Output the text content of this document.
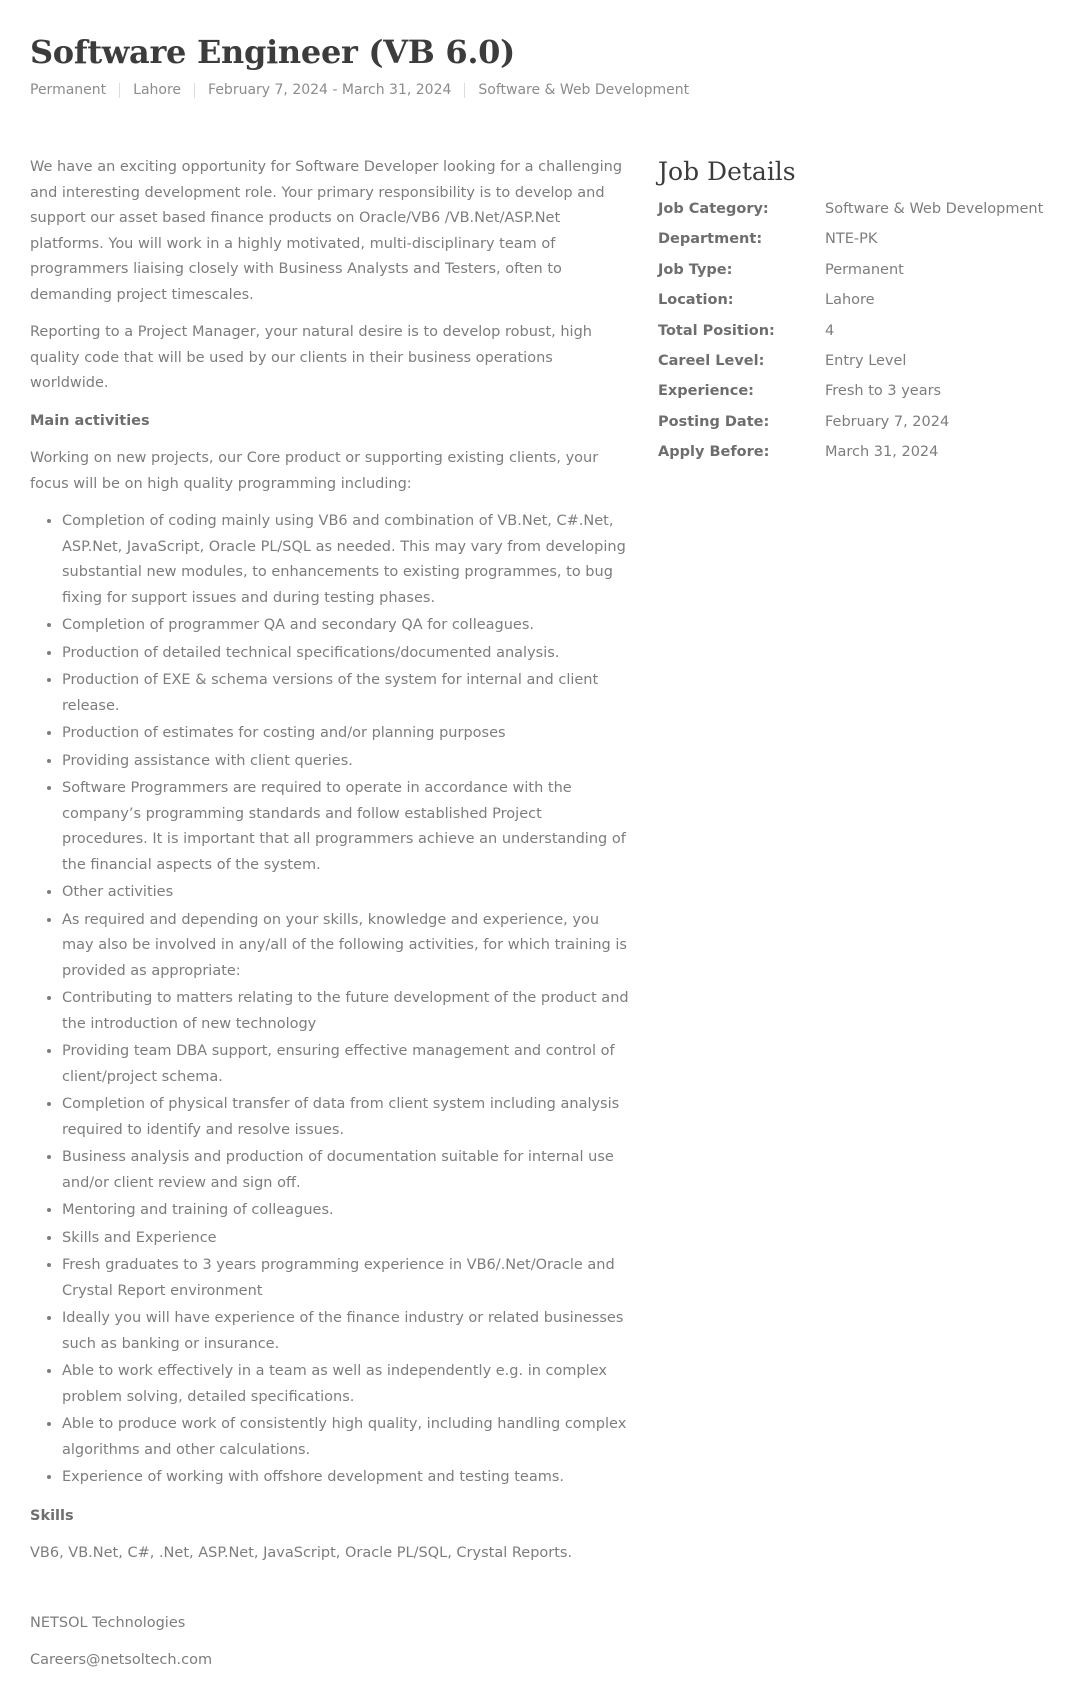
Software Engineer (VB 6.0)
Permanent Lahore February 7, 2024 - March 31, 2024 Software & Web Development

We have an exciting opportunity for Software Developer looking for a challenging and interesting development role. Your primary responsibility is to develop and support our asset based finance products on Oracle/VB6 /VB.Net/ASP.Net platforms. You will work in a highly motivated, multi-disciplinary team of programmers liaising closely with Business Analysts and Testers, often to demanding project timescales.

Reporting to a Project Manager, your natural desire is to develop robust, high quality code that will be used by our clients in their business operations worldwide.

Main activities

Working on new projects, our Core product or supporting existing clients, your focus will be on high quality programming including:

• Completion of coding mainly using VB6 and combination of VB.Net, C#.Net, ASP.Net, JavaScript, Oracle PL/SQL as needed. This may vary from developing substantial new modules, to enhancements to existing programmes, to bug fixing for support issues and during testing phases.
• Completion of programmer QA and secondary QA for colleagues.
• Production of detailed technical specifications/documented analysis.
• Production of EXE & schema versions of the system for internal and client release.
• Production of estimates for costing and/or planning purposes
• Providing assistance with client queries.
• Software Programmers are required to operate in accordance with the company’s programming standards and follow established Project procedures. It is important that all programmers achieve an understanding of the financial aspects of the system.
• Other activities
• As required and depending on your skills, knowledge and experience, you may also be involved in any/all of the following activities, for which training is provided as appropriate:
• Contributing to matters relating to the future development of the product and the introduction of new technology
• Providing team DBA support, ensuring effective management and control of client/project schema.
• Completion of physical transfer of data from client system including analysis required to identify and resolve issues.
• Business analysis and production of documentation suitable for internal use and/or client review and sign off.
• Mentoring and training of colleagues.
• Skills and Experience
• Fresh graduates to 3 years programming experience in VB6/.Net/Oracle and Crystal Report environment
• Ideally you will have experience of the finance industry or related businesses such as banking or insurance.
• Able to work effectively in a team as well as independently e.g. in complex problem solving, detailed specifications.
• Able to produce work of consistently high quality, including handling complex algorithms and other calculations.
• Experience of working with offshore development and testing teams.

Skills

VB6, VB.Net, C#, .Net, ASP.Net, JavaScript, Oracle PL/SQL, Crystal Reports.

Job Details
Job Category:	Software & Web Development
Department:	NTE-PK
Job Type:	Permanent
Location:	Lahore
Total Position:	4
Careel Level:	Entry Level
Experience:	Fresh to 3 years
Posting Date:	February 7, 2024
Apply Before:	March 31, 2024
NETSOL Technologies
Careers@netsoltech.com
